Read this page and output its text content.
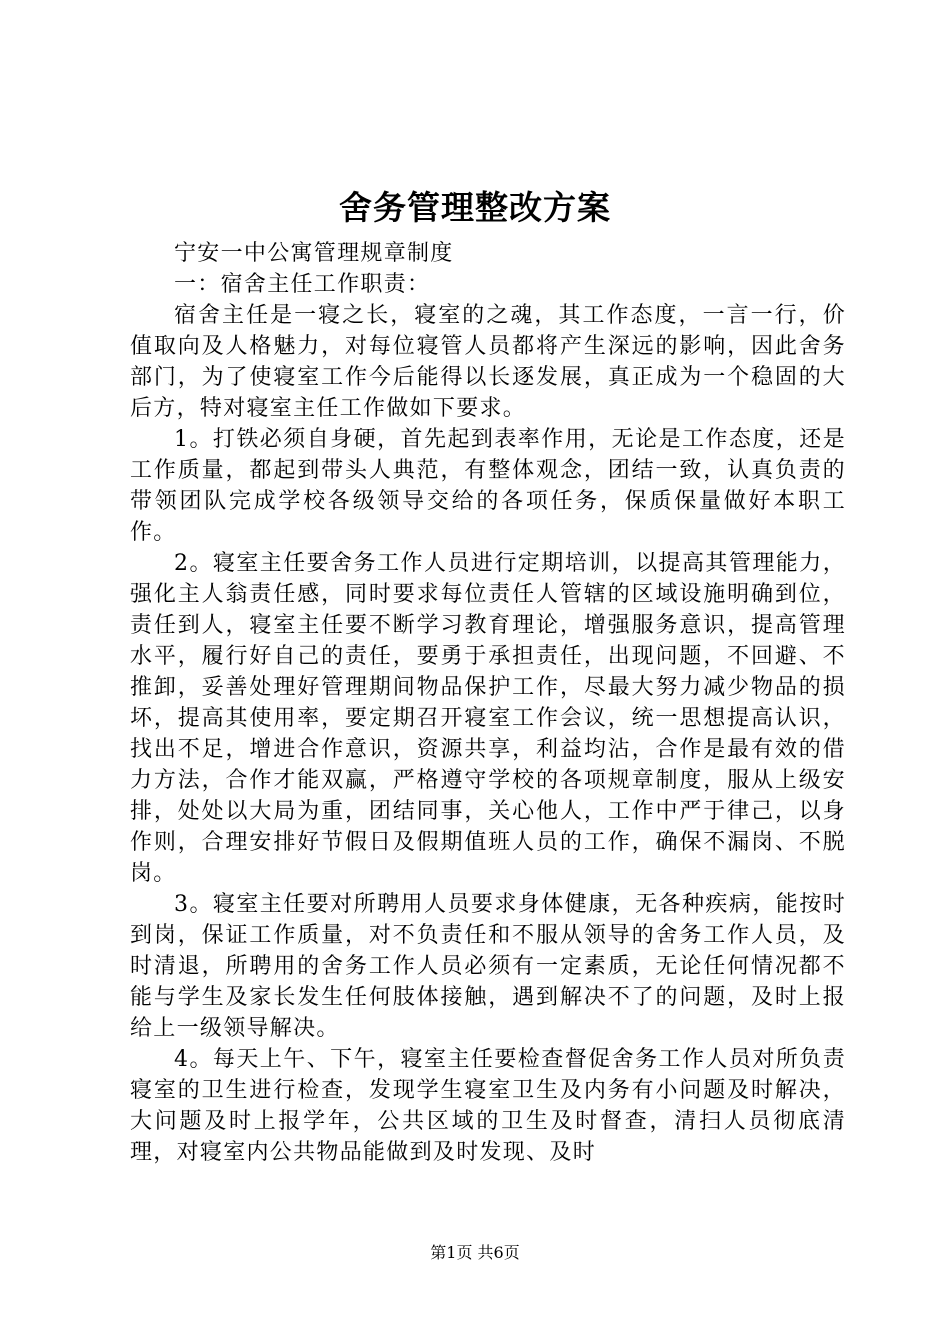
舍务管理整改方案

宁安一中公寓管理规章制度

一：宿舍主任工作职责：

宿舍主任是一寝之长，寝室的之魂，其工作态度，一言一行，价值取向及人格魅力，对每位寝管人员都将产生深远的影响，因此舍务部门，为了使寝室工作今后能得以长逐发展，真正成为一个稳固的大后方，特对寝室主任工作做如下要求。

1。打铁必须自身硬，首先起到表率作用，无论是工作态度，还是工作质量，都起到带头人典范，有整体观念，团结一致，认真负责的带领团队完成学校各级领导交给的各项任务，保质保量做好本职工作。

2。寝室主任要舍务工作人员进行定期培训，以提高其管理能力，强化主人翁责任感，同时要求每位责任人管辖的区域设施明确到位，责任到人，寝室主任要不断学习教育理论，增强服务意识，提高管理水平，履行好自己的责任，要勇于承担责任，出现问题，不回避、不推卸，妥善处理好管理期间物品保护工作，尽最大努力减少物品的损坏，提高其使用率，要定期召开寝室工作会议，统一思想提高认识，找出不足，增进合作意识，资源共享，利益均沾，合作是最有效的借力方法，合作才能双赢，严格遵守学校的各项规章制度，服从上级安排，处处以大局为重，团结同事，关心他人，工作中严于律己，以身作则，合理安排好节假日及假期值班人员的工作，确保不漏岗、不脱岗。

3。寝室主任要对所聘用人员要求身体健康，无各种疾病，能按时到岗，保证工作质量，对不负责任和不服从领导的舍务工作人员，及时清退，所聘用的舍务工作人员必须有一定素质，无论任何情况都不能与学生及家长发生任何肢体接触，遇到解决不了的问题，及时上报给上一级领导解决。

4。每天上午、下午，寝室主任要检查督促舍务工作人员对所负责寝室的卫生进行检查，发现学生寝室卫生及内务有小问题及时解决，大问题及时上报学年，公共区域的卫生及时督查，清扫人员彻底清理，对寝室内公共物品能做到及时发现、及时

第1页 共6页
